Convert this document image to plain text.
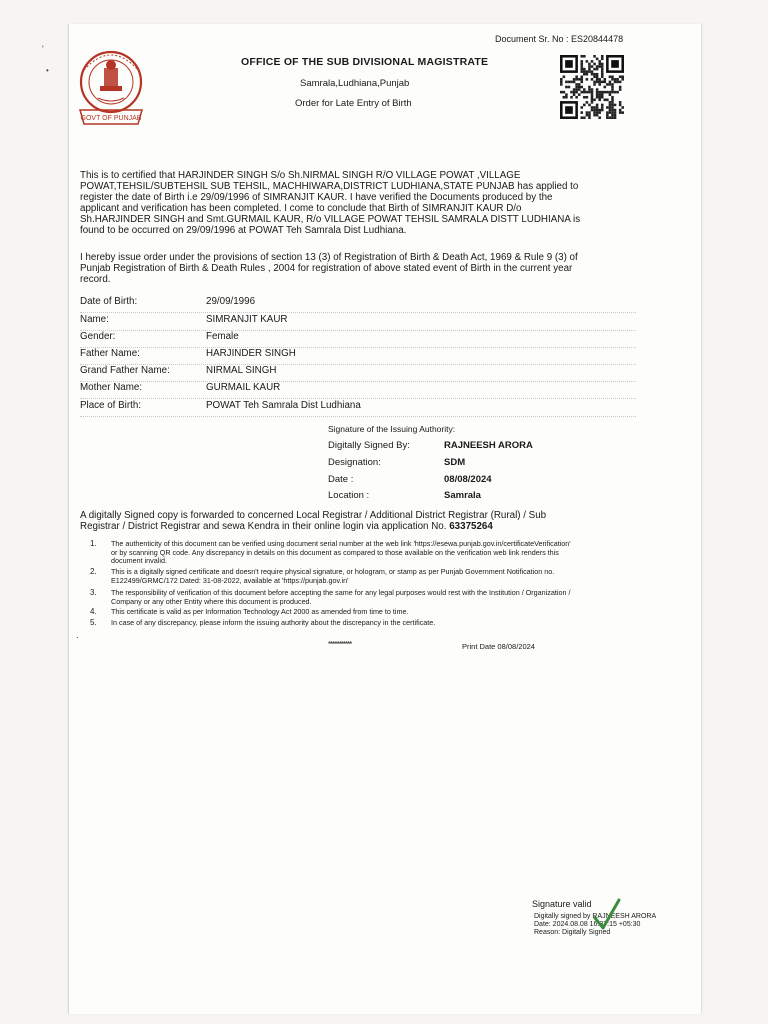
'
•
GOVT OF PUNJAB
Document Sr. No : ES20844478
OFFICE OF THE SUB DIVISIONAL MAGISTRATE
Samrala,Ludhiana,Punjab
Order for Late Entry of Birth
This is to certified that HARJINDER SINGH S/o Sh.NIRMAL SINGH R/O VILLAGE POWAT ,VILLAGE
POWAT,TEHSIL/SUBTEHSIL SUB TEHSIL, MACHHIWARA,DISTRICT LUDHIANA,STATE PUNJAB has applied to
register the date of Birth i.e 29/09/1996 of SIMRANJIT KAUR. I have verified the Documents produced by the
applicant and verification has been completed. I come to conclude that Birth of SIMRANJIT KAUR D/o
Sh.HARJINDER SINGH and Smt.GURMAIL KAUR, R/o VILLAGE POWAT TEHSIL SAMRALA DISTT LUDHIANA is
found to be occurred on 29/09/1996 at POWAT Teh Samrala Dist Ludhiana.
I hereby issue order under the provisions of section 13 (3) of Registration of Birth & Death Act, 1969 & Rule 9 (3) of
Punjab Registration of Birth & Death Rules , 2004 for registration of above stated event of Birth in the current year
record.
Date of Birth:	29/09/1996
Name:	SIMRANJIT KAUR
Gender:	Female
Father Name:	HARJINDER SINGH
Grand Father Name:	NIRMAL SINGH
Mother Name:	GURMAIL KAUR
Place of Birth:	POWAT Teh Samrala Dist Ludhiana
Signature of the Issuing Authority:
Digitally Signed By:	RAJNEESH ARORA
Designation:	SDM
Date :	08/08/2024
Location :	Samrala
A digitally Signed copy is forwarded to concerned Local Registrar / Additional District Registrar (Rural) / Sub
Registrar / District Registrar and sewa Kendra in their online login via application No. 63375264
1. The authenticity of this document can be verified using document serial number at the web link 'https://esewa.punjab.gov.in/certificateVerification'
or by scanning QR code. Any discrepancy in details on this document as compared to those available on the verification web link renders this
document invalid.
2. This is a digitally signed certificate and doesn't require physical signature, or hologram, or stamp as per Punjab Government Notification no.
E122499/GRMC/172 Dated: 31-08-2022, available at 'https://punjab.gov.in'
3. The responsibility of verification of this document before accepting the same for any legal purposes would rest with the Institution / Organization /
Company or any other Entity where this document is produced.
4. This certificate is valid as per Information Technology Act 2000 as amended from time to time.
5. In case of any discrepancy, please inform the issuing authority about the discrepancy in the certificate.
.
***********	Print Date 08/08/2024
Signature valid
Digitally signed by RAJNEESH ARORA
Date: 2024.08.08 16:37:15 +05:30
Reason: Digitally Signed
